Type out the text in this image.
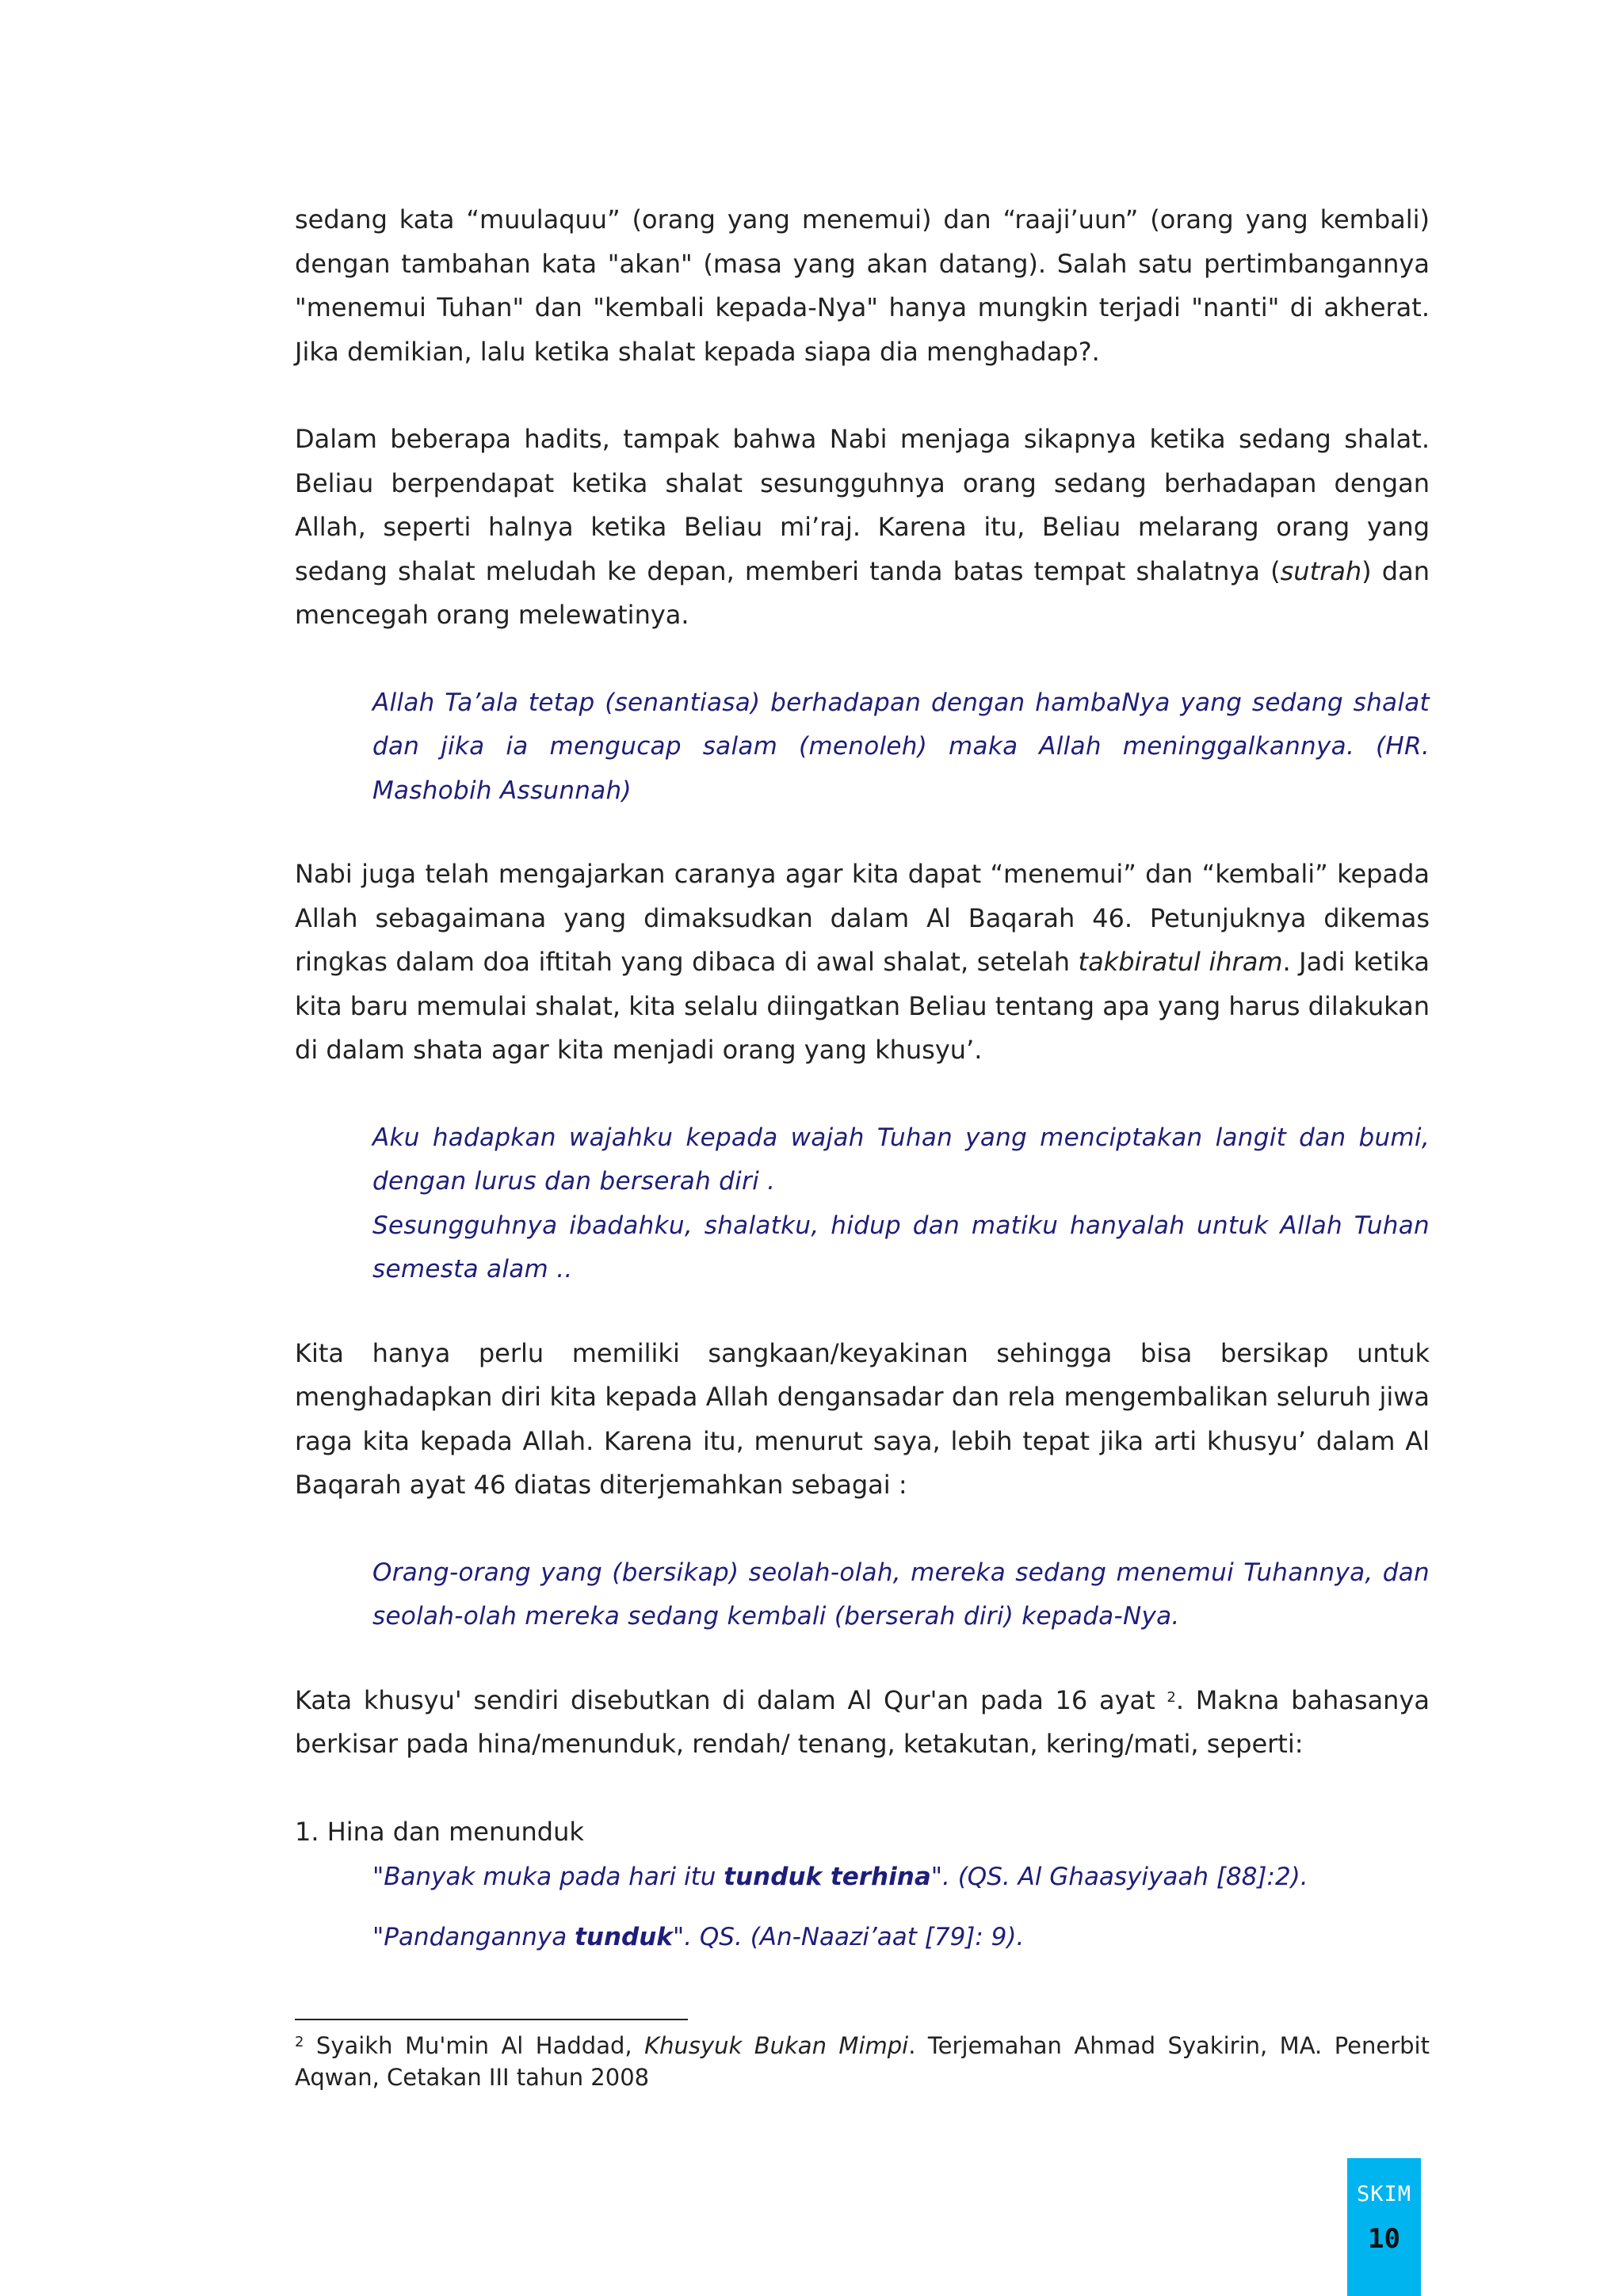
sedang kata “muulaquu” (orang yang menemui) dan “raaji’uun” (orang yang kembali) dengan tambahan kata "akan" (masa yang akan datang). Salah satu pertimbangannya "menemui Tuhan" dan "kembali kepada-Nya" hanya mungkin terjadi "nanti" di akherat. Jika demikian, lalu ketika shalat kepada siapa dia menghadap?.

Dalam beberapa hadits, tampak bahwa Nabi menjaga sikapnya ketika sedang shalat. Beliau berpendapat ketika shalat sesungguhnya orang sedang berhadapan dengan Allah, seperti halnya ketika Beliau mi’raj. Karena itu, Beliau melarang orang yang sedang shalat meludah ke depan, memberi tanda batas tempat shalatnya (sutrah) dan mencegah orang melewatinya.

Allah Ta’ala tetap (senantiasa) berhadapan dengan hambaNya yang sedang shalat dan jika ia mengucap salam (menoleh) maka Allah meninggalkannya. (HR. Mashobih Assunnah)

Nabi juga telah mengajarkan caranya agar kita dapat “menemui” dan “kembali” kepada Allah sebagaimana yang dimaksudkan dalam Al Baqarah 46. Petunjuknya dikemas ringkas dalam doa iftitah yang dibaca di awal shalat, setelah takbiratul ihram. Jadi ketika kita baru memulai shalat, kita selalu diingatkan Beliau tentang apa yang harus dilakukan di dalam shata agar kita menjadi orang yang khusyu’.

Aku hadapkan wajahku kepada wajah Tuhan yang menciptakan langit dan bumi, dengan lurus dan berserah diri .
Sesungguhnya ibadahku, shalatku, hidup dan matiku hanyalah untuk Allah Tuhan semesta alam ..

Kita hanya perlu memiliki sangkaan/keyakinan sehingga bisa bersikap untuk menghadapkan diri kita kepada Allah dengansadar dan rela mengembalikan seluruh jiwa raga kita kepada Allah. Karena itu, menurut saya, lebih tepat jika arti khusyu’ dalam Al Baqarah ayat 46 diatas diterjemahkan sebagai :

Orang-orang yang (bersikap) seolah-olah, mereka sedang menemui Tuhannya, dan seolah-olah mereka sedang kembali (berserah diri) kepada-Nya.

Kata khusyu' sendiri disebutkan di dalam Al Qur'an pada 16 ayat $^2$. Makna bahasanya berkisar pada hina/menunduk, rendah/ tenang, ketakutan, kering/mati, seperti:

1. Hina dan menunduk

"Banyak muka pada hari itu tunduk terhina". (QS. Al Ghaasyiyaah [88]:2).
"Pandangannya tunduk". QS. (An-Naazi’aat [79]: 9).
$^2$ Syaikh Mu'min Al Haddad, Khusyuk Bukan Mimpi. Terjemahan Ahmad Syakirin, MA. Penerbit Aqwan, Cetakan III tahun 2008
SKIM
10
